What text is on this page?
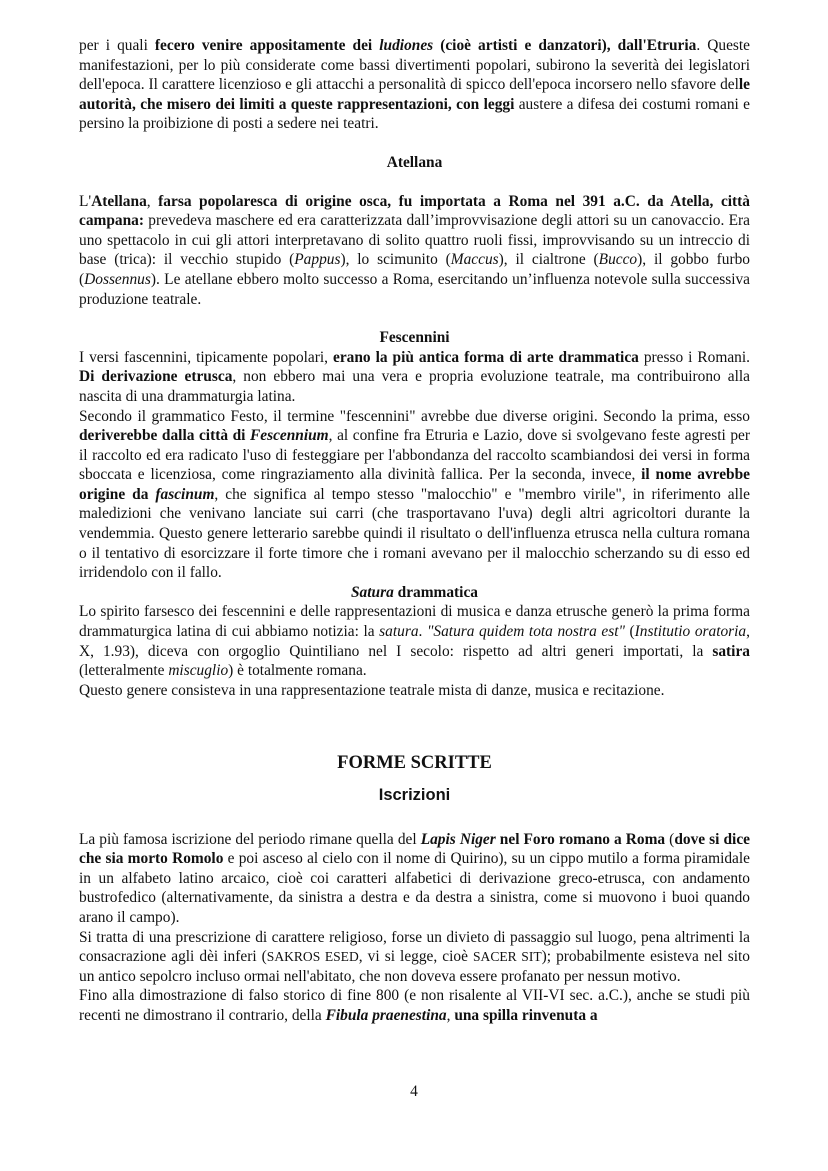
per i quali fecero venire appositamente dei ludiones (cioè artisti e danzatori), dall'Etruria. Queste manifestazioni, per lo più considerate come bassi divertimenti popolari, subirono la severità dei legislatori dell'epoca. Il carattere licenzioso e gli attacchi a personalità di spicco dell'epoca incorsero nello sfavore delle autorità, che misero dei limiti a queste rappresentazioni, con leggi austere a difesa dei costumi romani e persino la proibizione di posti a sedere nei teatri.

Atellana

L'Atellana, farsa popolaresca di origine osca, fu importata a Roma nel 391 a.C. da Atella, città campana: prevedeva maschere ed era caratterizzata dall’improvvisazione degli attori su un canovaccio. Era uno spettacolo in cui gli attori interpretavano di solito quattro ruoli fissi, improvvisando su un intreccio di base (trica): il vecchio stupido (Pappus), lo scimunito (Maccus), il cialtrone (Bucco), il gobbo furbo (Dossennus). Le atellane ebbero molto successo a Roma, esercitando un’influenza notevole sulla successiva produzione teatrale.

Fescennini

I versi fascennini, tipicamente popolari, erano la più antica forma di arte drammatica presso i Romani. Di derivazione etrusca, non ebbero mai una vera e propria evoluzione teatrale, ma contribuirono alla nascita di una drammaturgia latina.

Secondo il grammatico Festo, il termine "fescennini" avrebbe due diverse origini. Secondo la prima, esso deriverebbe dalla città di Fescennium, al confine fra Etruria e Lazio, dove si svolgevano feste agresti per il raccolto ed era radicato l'uso di festeggiare per l'abbondanza del raccolto scambiandosi dei versi in forma sboccata e licenziosa, come ringraziamento alla divinità fallica. Per la seconda, invece, il nome avrebbe origine da fascinum, che significa al tempo stesso "malocchio" e "membro virile", in riferimento alle maledizioni che venivano lanciate sui carri (che trasportavano l'uva) degli altri agricoltori durante la vendemmia. Questo genere letterario sarebbe quindi il risultato o dell'influenza etrusca nella cultura romana o il tentativo di esorcizzare il forte timore che i romani avevano per il malocchio scherzando su di esso ed irridendolo con il fallo.

Satura drammatica

Lo spirito farsesco dei fescennini e delle rappresentazioni di musica e danza etrusche generò la prima forma drammaturgica latina di cui abbiamo notizia: la satura. "Satura quidem tota nostra est" (Institutio oratoria, X, 1.93), diceva con orgoglio Quintiliano nel I secolo: rispetto ad altri generi importati, la satira (letteralmente miscuglio) è totalmente romana.

Questo genere consisteva in una rappresentazione teatrale mista di danze, musica e recitazione.

FORME SCRITTE

Iscrizioni

La più famosa iscrizione del periodo rimane quella del Lapis Niger nel Foro romano a Roma (dove si dice che sia morto Romolo e poi asceso al cielo con il nome di Quirino), su un cippo mutilo a forma piramidale in un alfabeto latino arcaico, cioè coi caratteri alfabetici di derivazione greco-etrusca, con andamento bustrofedico (alternativamente, da sinistra a destra e da destra a sinistra, come si muovono i buoi quando arano il campo).

Si tratta di una prescrizione di carattere religioso, forse un divieto di passaggio sul luogo, pena altrimenti la consacrazione agli dèi inferi (SAKROS ESED, vi si legge, cioè SACER SIT); probabilmente esisteva nel sito un antico sepolcro incluso ormai nell'abitato, che non doveva essere profanato per nessun motivo.

Fino alla dimostrazione di falso storico di fine 800 (e non risalente al VII-VI sec. a.C.), anche se studi più recenti ne dimostrano il contrario, della Fibula praenestina, una spilla rinvenuta a

4
